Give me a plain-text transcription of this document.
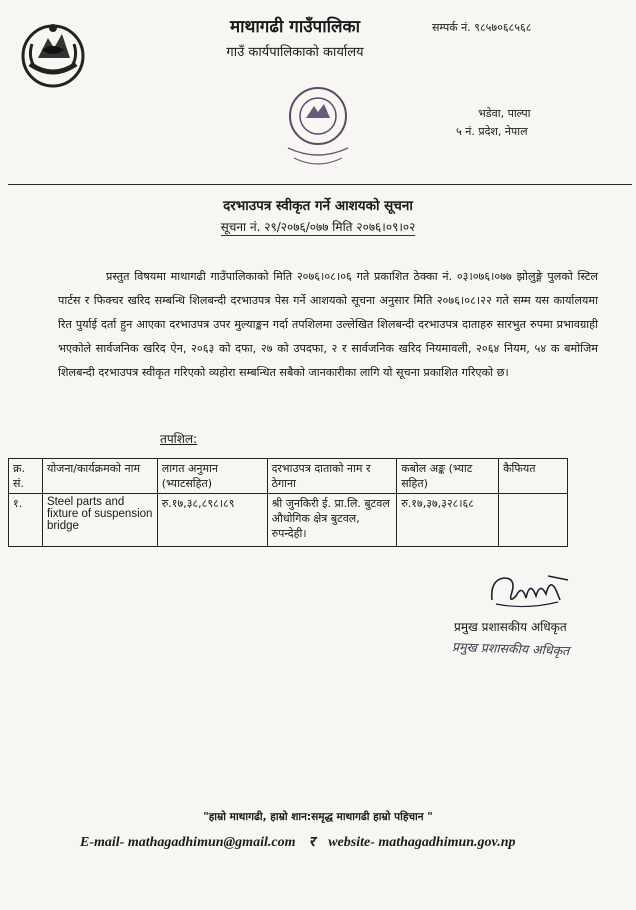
माथागढी गाउँपालिका
गाउँ कार्यपालिकाको कार्यालय
सम्पर्क नं. ९८५७०६८५६८
भडेवा, पाल्पा
५ नं. प्रदेश, नेपाल
दरभाउपत्र स्वीकृत गर्ने आशयको सूचना
सूचना नं. २९/२०७६/०७७ मिति २०७६।०९।०२
प्रस्तुत विषयमा माथागढी गाउँपालिकाको मिति २०७६।०८।०६ गते प्रकाशित ठेक्का नं. ०३।०७६।०७७ झोलुङ्गे पुलको स्टिल पार्टस र फिक्चर खरिद सम्बन्धि शिलबन्दी दरभाउपत्र पेस गर्ने आशयको सूचना अनुसार मिति २०७६।०८।२२ गते सम्म यस कार्यालयमा रित पुर्याई दर्ता हुन आएका दरभाउपत्र उपर मुल्याङ्कन गर्दा तपशिलमा उल्लेखित शिलबन्दी दरभाउपत्र दाताहरु सारभुत रुपमा प्रभावग्राही भएकोले सार्वजनिक खरिद ऐन, २०६३ को दफा, २७ को उपदफा, २ र सार्वजनिक खरिद नियमावली, २०६४ नियम, ५४ क बमोजिम शिलबन्दी दरभाउपत्र स्वीकृत गरिएको व्यहोरा सम्बन्धित सबैको जानकारीका लागि यो सूचना प्रकाशित गरिएको छ।
तपशिल:
क्र. सं.	योजना/कार्यक्रमको नाम	लागत अनुमान (भ्याटसहित)	दरभाउपत्र दाताको नाम र ठेगाना	कबोल अङ्क (भ्याट सहित)	कैफियत
१.	Steel parts and fixture of suspension bridge	रु.१७,३८,८९८।८९	श्री जुनकिरी ई. प्रा.लि. बुटवल औधोगिक क्षेत्र बुटवल, रुपन्देही।	रु.१७,३७,३२८।६८	
प्रमुख प्रशासकीय अधिकृत
प्रमुख प्रशासकीय अधिकृत
"हाम्रो माथागढी, हाम्रो शान:समृद्ध माथागढी हाम्रो पहिचान "
E-mail- mathagadhimun@gmail.com र website- mathagadhimun.gov.np
